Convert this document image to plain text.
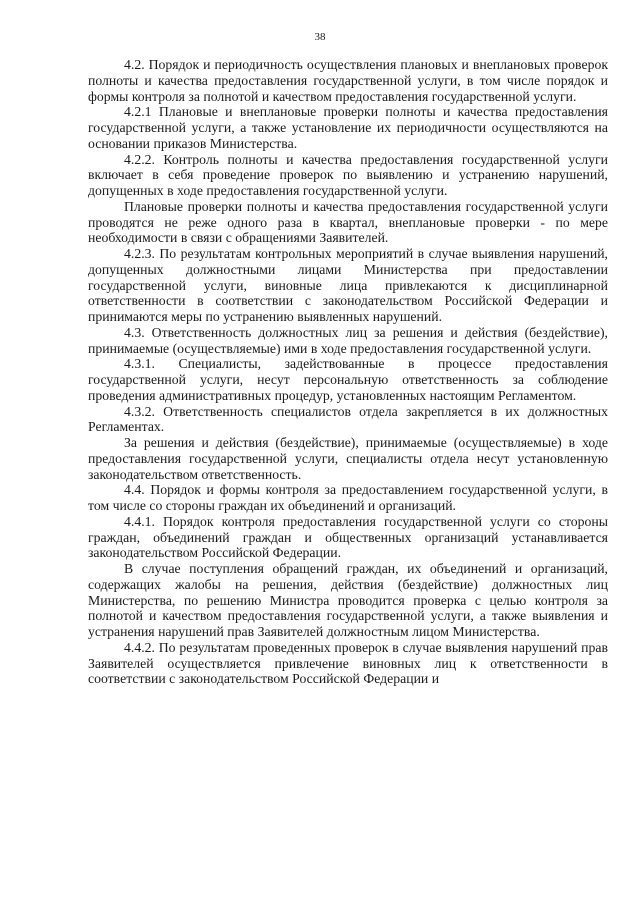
38

4.2. Порядок и периодичность осуществления плановых и внеплановых проверок полноты и качества предоставления государственной услуги, в том числе порядок и формы контроля за полнотой и качеством предоставления государственной услуги.

4.2.1 Плановые и внеплановые проверки полноты и качества предоставления государственной услуги, а также установление их периодичности осуществляются на основании приказов Министерства.

4.2.2. Контроль полноты и качества предоставления государственной услуги включает в себя проведение проверок по выявлению и устранению нарушений, допущенных в ходе предоставления государственной услуги.

Плановые проверки полноты и качества предоставления государственной услуги проводятся не реже одного раза в квартал, внеплановые проверки - по мере необходимости в связи с обращениями Заявителей.

4.2.3. По результатам контрольных мероприятий в случае выявления нарушений, допущенных должностными лицами Министерства при предоставлении государственной услуги, виновные лица привлекаются к дисциплинарной ответственности в соответствии с законодательством Российской Федерации и принимаются меры по устранению выявленных нарушений.

4.3. Ответственность должностных лиц за решения и действия (бездействие), принимаемые (осуществляемые) ими в ходе предоставления государственной услуги.

4.3.1. Специалисты, задействованные в процессе предоставления государственной услуги, несут персональную ответственность за соблюдение проведения административных процедур, установленных настоящим Регламентом.

4.3.2. Ответственность специалистов отдела закрепляется в их должностных Регламентах.

За решения и действия (бездействие), принимаемые (осуществляемые) в ходе предоставления государственной услуги, специалисты отдела несут установленную законодательством ответственность.

4.4. Порядок и формы контроля за предоставлением государственной услуги, в том числе со стороны граждан их объединений и организаций.

4.4.1. Порядок контроля предоставления государственной услуги со стороны граждан, объединений граждан и общественных организаций устанавливается законодательством Российской Федерации.

В случае поступления обращений граждан, их объединений и организаций, содержащих жалобы на решения, действия (бездействие) должностных лиц Министерства, по решению Министра проводится проверка с целью контроля за полнотой и качеством предоставления государственной услуги, а также выявления и устранения нарушений прав Заявителей должностным лицом Министерства.

4.4.2. По результатам проведенных проверок в случае выявления нарушений прав Заявителей осуществляется привлечение виновных лиц к ответственности в соответствии с законодательством Российской Федерации и
